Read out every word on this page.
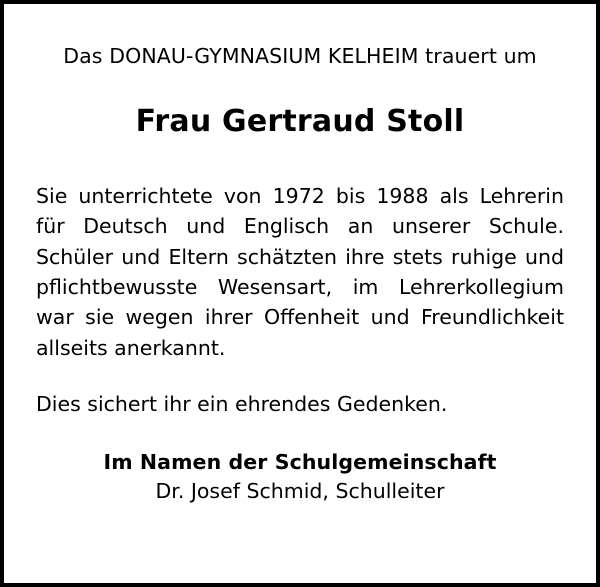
Das DONAU-GYMNASIUM KELHEIM trauert um
Frau Gertraud Stoll

Sie unterrichtete von 1972 bis 1988 als Lehrerin für Deutsch und Englisch an unserer Schule. Schüler und Eltern schätzten ihre stets ruhige und pflichtbewusste Wesensart, im Lehrerkollegium war sie wegen ihrer Offenheit und Freundlichkeit allseits anerkannt.

Dies sichert ihr ein ehrendes Gedenken.
Im Namen der Schulgemeinschaft
Dr. Josef Schmid, Schulleiter
